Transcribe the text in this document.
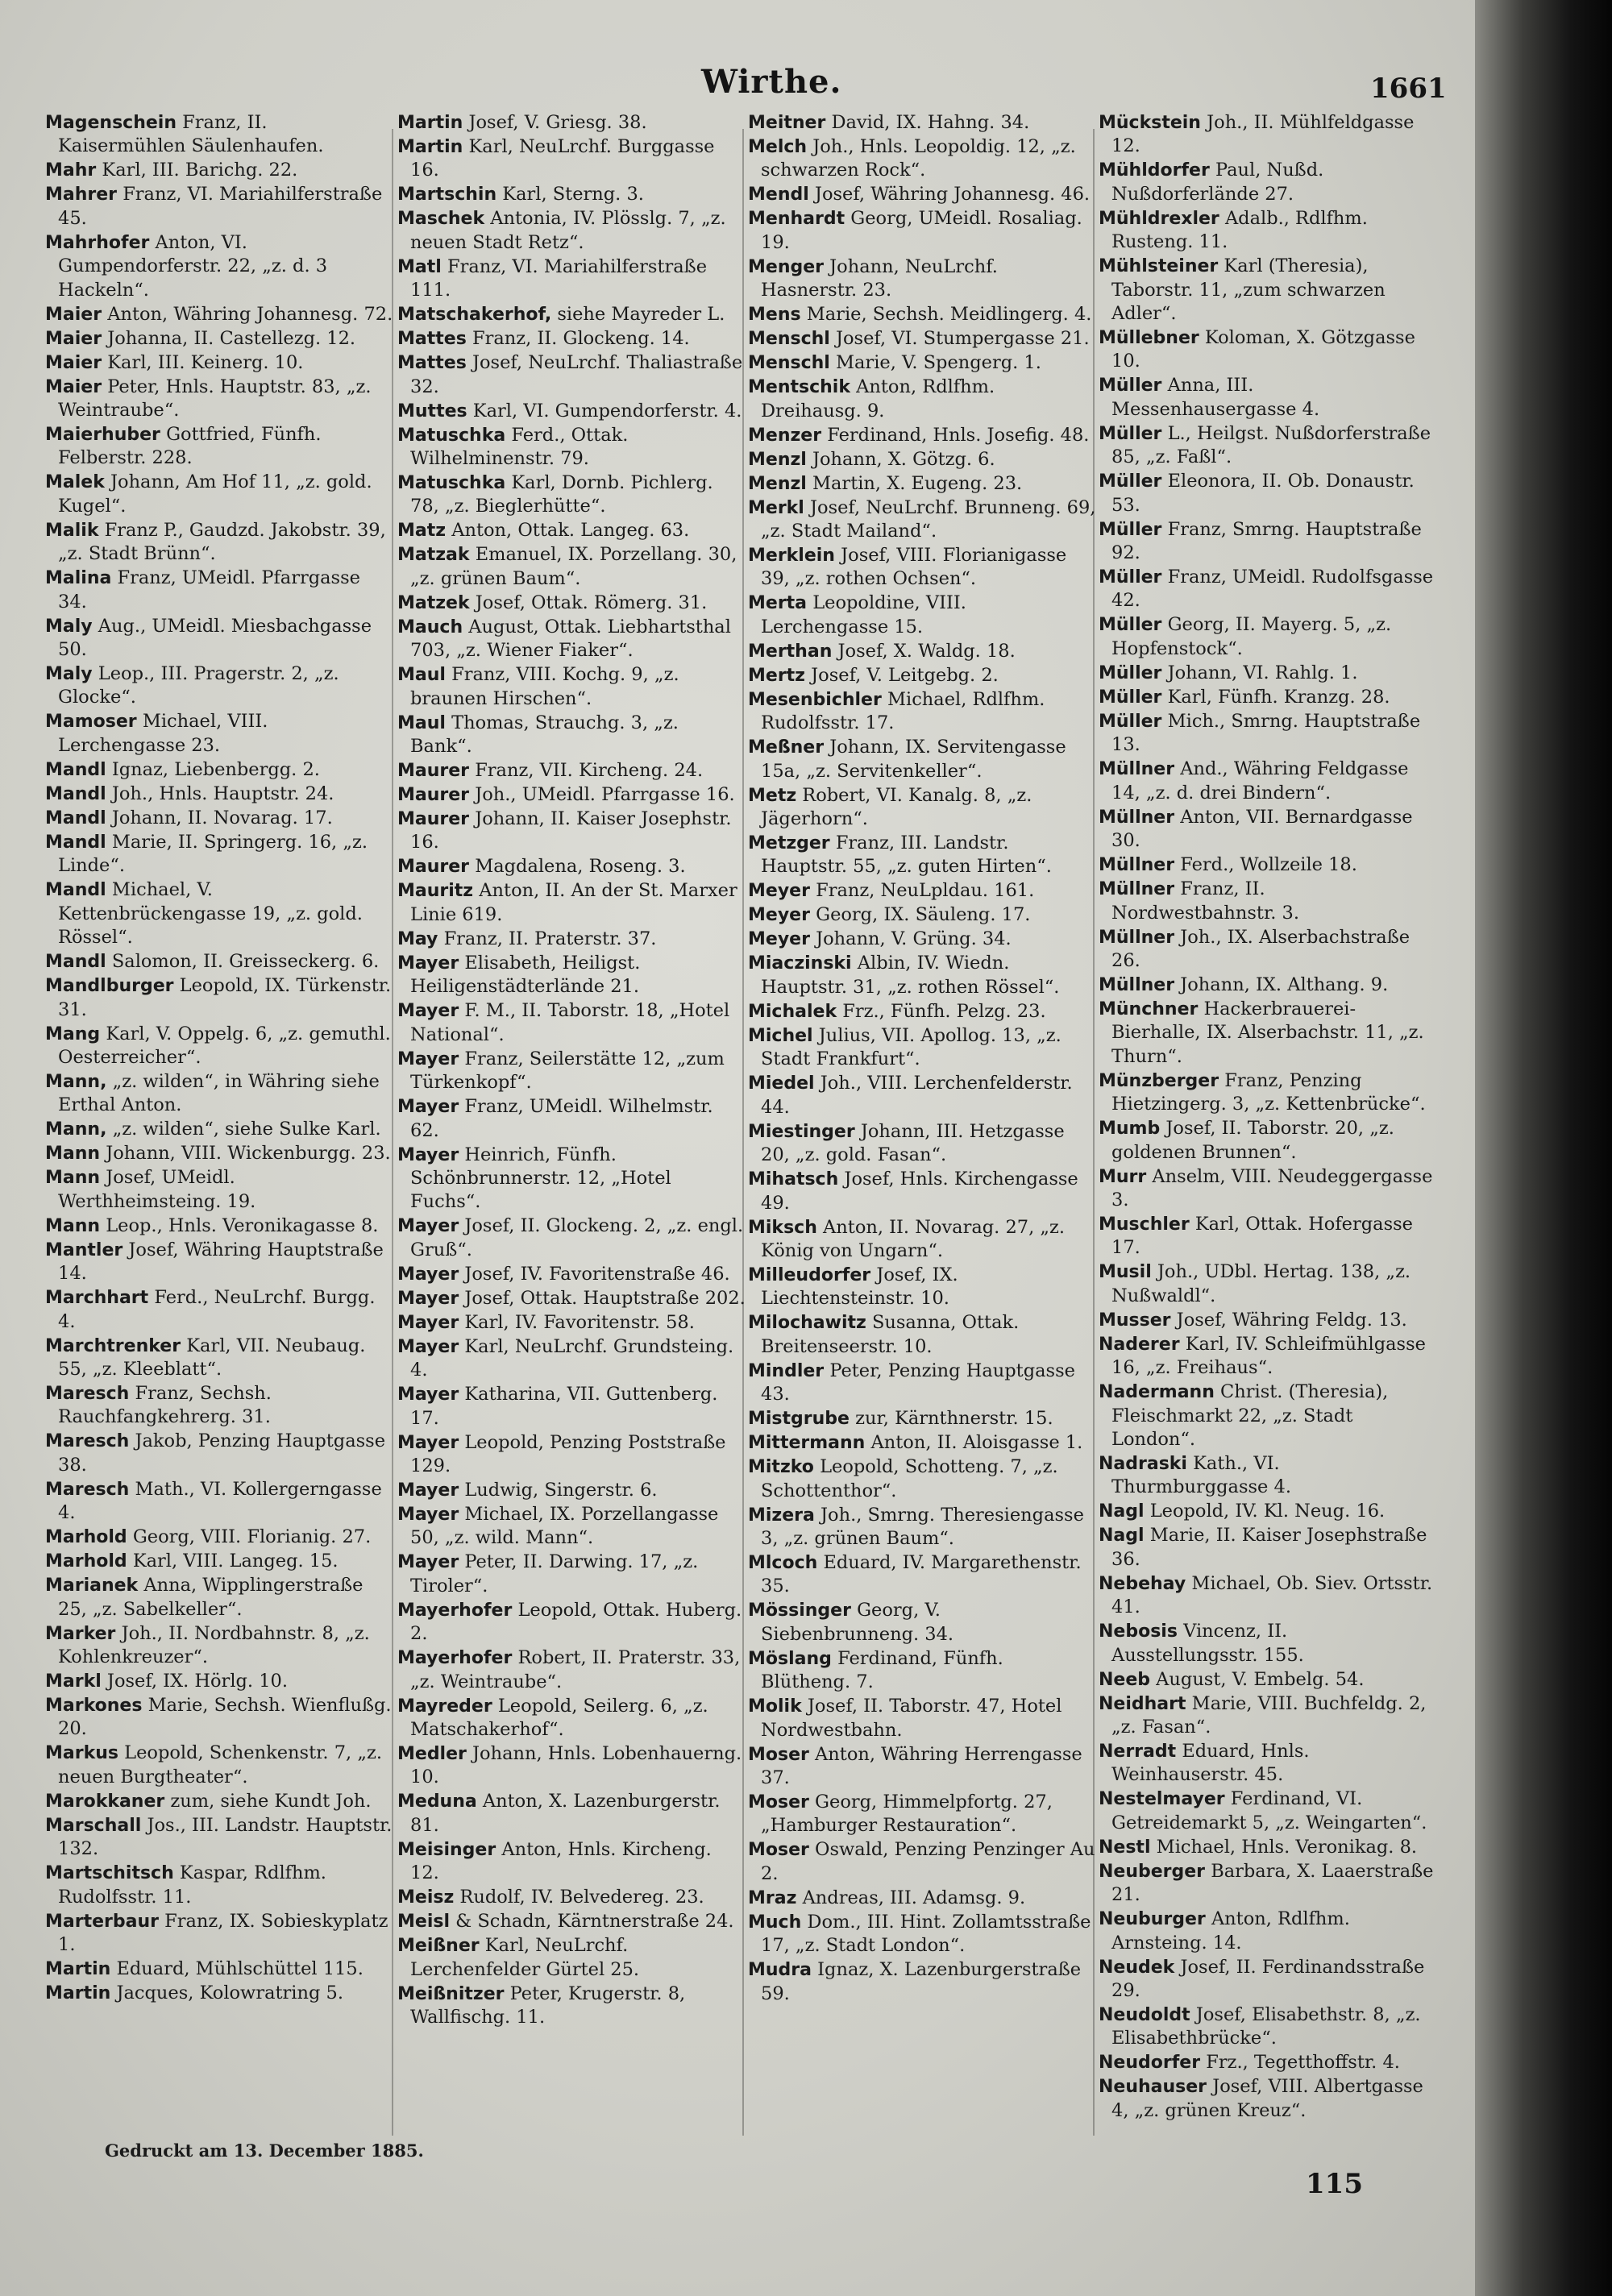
Wirthe.	1661
Magenschein Franz, II. Kaisermühlen Säulenhaufen.
Mahr Karl, III. Barichg. 22.
Mahrer Franz, VI. Mariahilferstraße 45.
Mahrhofer Anton, VI. Gumpendorferstr. 22, „z. d. 3 Hackeln“.
Maier Anton, Währing Johannesg. 72.
Maier Johanna, II. Castellezg. 12.
Maier Karl, III. Keinerg. 10.
Maier Peter, Hnls. Hauptstr. 83, „z. Weintraube“.
Maierhuber Gottfried, Fünfh. Felberstr. 228.
Malek Johann, Am Hof 11, „z. gold. Kugel“.
Malik Franz P., Gaudzd. Jakobstr. 39, „z. Stadt Brünn“.
Malina Franz, UMeidl. Pfarrgasse 34.
Maly Aug., UMeidl. Miesbachgasse 50.
Maly Leop., III. Pragerstr. 2, „z. Glocke“.
Mamoser Michael, VIII. Lerchengasse 23.
Mandl Ignaz, Liebenbergg. 2.
Mandl Joh., Hnls. Hauptstr. 24.
Mandl Johann, II. Novarag. 17.
Mandl Marie, II. Springerg. 16, „z. Linde“.
Mandl Michael, V. Kettenbrückengasse 19, „z. gold. Rössel“.
Mandl Salomon, II. Greisseckerg. 6.
Mandlburger Leopold, IX. Türkenstr. 31.
Mang Karl, V. Oppelg. 6, „z. gemuthl. Oesterreicher“.
Mann, „z. wilden“, in Währing siehe Erthal Anton.
Mann, „z. wilden“, siehe Sulke Karl.
Mann Johann, VIII. Wickenburgg. 23.
Mann Josef, UMeidl. Werthheimsteing. 19.
Mann Leop., Hnls. Veronikagasse 8.
Mantler Josef, Währing Hauptstraße 14.
Marchhart Ferd., NeuLrchf. Burgg. 4.
Marchtrenker Karl, VII. Neubaug. 55, „z. Kleeblatt“.
Maresch Franz, Sechsh. Rauchfangkehrerg. 31.
Maresch Jakob, Penzing Hauptgasse 38.
Maresch Math., VI. Kollergerngasse 4.
Marhold Georg, VIII. Florianig. 27.
Marhold Karl, VIII. Langeg. 15.
Marianek Anna, Wipplingerstraße 25, „z. Sabelkeller“.
Marker Joh., II. Nordbahnstr. 8, „z. Kohlenkreuzer“.
Markl Josef, IX. Hörlg. 10.
Markones Marie, Sechsh. Wienflußg. 20.
Markus Leopold, Schenkenstr. 7, „z. neuen Burgtheater“.
Marokkaner zum, siehe Kundt Joh.
Marschall Jos., III. Landstr. Hauptstr. 132.
Martschitsch Kaspar, Rdlfhm. Rudolfsstr. 11.
Marterbaur Franz, IX. Sobieskyplatz 1.
Martin Eduard, Mühlschüttel 115.
Martin Jacques, Kolowratring 5.
Martin Josef, V. Griesg. 38.
Martin Karl, NeuLrchf. Burggasse 16.
Martschin Karl, Sterng. 3.
Maschek Antonia, IV. Plösslg. 7, „z. neuen Stadt Retz“.
Matl Franz, VI. Mariahilferstraße 111.
Matschakerhof, siehe Mayreder L.
Mattes Franz, II. Glockeng. 14.
Mattes Josef, NeuLrchf. Thaliastraße 32.
Muttes Karl, VI. Gumpendorferstr. 4.
Matuschka Ferd., Ottak. Wilhelminenstr. 79.
Matuschka Karl, Dornb. Pichlerg. 78, „z. Bieglerhütte“.
Matz Anton, Ottak. Langeg. 63.
Matzak Emanuel, IX. Porzellang. 30, „z. grünen Baum“.
Matzek Josef, Ottak. Römerg. 31.
Mauch August, Ottak. Liebhartsthal 703, „z. Wiener Fiaker“.
Maul Franz, VIII. Kochg. 9, „z. braunen Hirschen“.
Maul Thomas, Strauchg. 3, „z. Bank“.
Maurer Franz, VII. Kircheng. 24.
Maurer Joh., UMeidl. Pfarrgasse 16.
Maurer Johann, II. Kaiser Josephstr. 16.
Maurer Magdalena, Roseng. 3.
Mauritz Anton, II. An der St. Marxer Linie 619.
May Franz, II. Praterstr. 37.
Mayer Elisabeth, Heiligst. Heiligenstädterlände 21.
Mayer F. M., II. Taborstr. 18, „Hotel National“.
Mayer Franz, Seilerstätte 12, „zum Türkenkopf“.
Mayer Franz, UMeidl. Wilhelmstr. 62.
Mayer Heinrich, Fünfh. Schönbrunnerstr. 12, „Hotel Fuchs“.
Mayer Josef, II. Glockeng. 2, „z. engl. Gruß“.
Mayer Josef, IV. Favoritenstraße 46.
Mayer Josef, Ottak. Hauptstraße 202.
Mayer Karl, IV. Favoritenstr. 58.
Mayer Karl, NeuLrchf. Grundsteing. 4.
Mayer Katharina, VII. Guttenberg. 17.
Mayer Leopold, Penzing Poststraße 129.
Mayer Ludwig, Singerstr. 6.
Mayer Michael, IX. Porzellangasse 50, „z. wild. Mann“.
Mayer Peter, II. Darwing. 17, „z. Tiroler“.
Mayerhofer Leopold, Ottak. Huberg. 2.
Mayerhofer Robert, II. Praterstr. 33, „z. Weintraube“.
Mayreder Leopold, Seilerg. 6, „z. Matschakerhof“.
Medler Johann, Hnls. Lobenhauerng. 10.
Meduna Anton, X. Lazenburgerstr. 81.
Meisinger Anton, Hnls. Kircheng. 12.
Meisz Rudolf, IV. Belvedereg. 23.
Meisl & Schadn, Kärntnerstraße 24.
Meißner Karl, NeuLrchf. Lerchenfelder Gürtel 25.
Meißnitzer Peter, Krugerstr. 8, Wallfischg. 11.
Meitner David, IX. Hahng. 34.
Melch Joh., Hnls. Leopoldig. 12, „z. schwarzen Rock“.
Mendl Josef, Währing Johannesg. 46.
Menhardt Georg, UMeidl. Rosaliag. 19.
Menger Johann, NeuLrchf. Hasnerstr. 23.
Mens Marie, Sechsh. Meidlingerg. 4.
Menschl Josef, VI. Stumpergasse 21.
Menschl Marie, V. Spengerg. 1.
Mentschik Anton, Rdlfhm. Dreihausg. 9.
Menzer Ferdinand, Hnls. Josefig. 48.
Menzl Johann, X. Götzg. 6.
Menzl Martin, X. Eugeng. 23.
Merkl Josef, NeuLrchf. Brunneng. 69, „z. Stadt Mailand“.
Merklein Josef, VIII. Florianigasse 39, „z. rothen Ochsen“.
Merta Leopoldine, VIII. Lerchengasse 15.
Merthan Josef, X. Waldg. 18.
Mertz Josef, V. Leitgebg. 2.
Mesenbichler Michael, Rdlfhm. Rudolfsstr. 17.
Meßner Johann, IX. Servitengasse 15a, „z. Servitenkeller“.
Metz Robert, VI. Kanalg. 8, „z. Jägerhorn“.
Metzger Franz, III. Landstr. Hauptstr. 55, „z. guten Hirten“.
Meyer Franz, NeuLpldau. 161.
Meyer Georg, IX. Säuleng. 17.
Meyer Johann, V. Grüng. 34.
Miaczinski Albin, IV. Wiedn. Hauptstr. 31, „z. rothen Rössel“.
Michalek Frz., Fünfh. Pelzg. 23.
Michel Julius, VII. Apollog. 13, „z. Stadt Frankfurt“.
Miedel Joh., VIII. Lerchenfelderstr. 44.
Miestinger Johann, III. Hetzgasse 20, „z. gold. Fasan“.
Mihatsch Josef, Hnls. Kirchengasse 49.
Miksch Anton, II. Novarag. 27, „z. König von Ungarn“.
Milleudorfer Josef, IX. Liechtensteinstr. 10.
Milochawitz Susanna, Ottak. Breitenseerstr. 10.
Mindler Peter, Penzing Hauptgasse 43.
Mistgrube zur, Kärnthnerstr. 15.
Mittermann Anton, II. Aloisgasse 1.
Mitzko Leopold, Schotteng. 7, „z. Schottenthor“.
Mizera Joh., Smrng. Theresiengasse 3, „z. grünen Baum“.
Mlcoch Eduard, IV. Margarethenstr. 35.
Mössinger Georg, V. Siebenbrunneng. 34.
Möslang Ferdinand, Fünfh. Blütheng. 7.
Molik Josef, II. Taborstr. 47, Hotel Nordwestbahn.
Moser Anton, Währing Herrengasse 37.
Moser Georg, Himmelpfortg. 27, „Hamburger Restauration“.
Moser Oswald, Penzing Penzinger Au 2.
Mraz Andreas, III. Adamsg. 9.
Much Dom., III. Hint. Zollamtsstraße 17, „z. Stadt London“.
Mudra Ignaz, X. Lazenburgerstraße 59.
Mückstein Joh., II. Mühlfeldgasse 12.
Mühldorfer Paul, Nußd. Nußdorferlände 27.
Mühldrexler Adalb., Rdlfhm. Rusteng. 11.
Mühlsteiner Karl (Theresia), Taborstr. 11, „zum schwarzen Adler“.
Müllebner Koloman, X. Götzgasse 10.
Müller Anna, III. Messenhausergasse 4.
Müller L., Heilgst. Nußdorferstraße 85, „z. Faßl“.
Müller Eleonora, II. Ob. Donaustr. 53.
Müller Franz, Smrng. Hauptstraße 92.
Müller Franz, UMeidl. Rudolfsgasse 42.
Müller Georg, II. Mayerg. 5, „z. Hopfenstock“.
Müller Johann, VI. Rahlg. 1.
Müller Karl, Fünfh. Kranzg. 28.
Müller Mich., Smrng. Hauptstraße 13.
Müllner And., Währing Feldgasse 14, „z. d. drei Bindern“.
Müllner Anton, VII. Bernardgasse 30.
Müllner Ferd., Wollzeile 18.
Müllner Franz, II. Nordwestbahnstr. 3.
Müllner Joh., IX. Alserbachstraße 26.
Müllner Johann, IX. Althang. 9.
Münchner Hackerbrauerei-Bierhalle, IX. Alserbachstr. 11, „z. Thurn“.
Münzberger Franz, Penzing Hietzingerg. 3, „z. Kettenbrücke“.
Mumb Josef, II. Taborstr. 20, „z. goldenen Brunnen“.
Murr Anselm, VIII. Neudeggergasse 3.
Muschler Karl, Ottak. Hofergasse 17.
Musil Joh., UDbl. Hertag. 138, „z. Nußwaldl“.
Musser Josef, Währing Feldg. 13.
Naderer Karl, IV. Schleifmühlgasse 16, „z. Freihaus“.
Nadermann Christ. (Theresia), Fleischmarkt 22, „z. Stadt London“.
Nadraski Kath., VI. Thurmburggasse 4.
Nagl Leopold, IV. Kl. Neug. 16.
Nagl Marie, II. Kaiser Josephstraße 36.
Nebehay Michael, Ob. Siev. Ortsstr. 41.
Nebosis Vincenz, II. Ausstellungsstr. 155.
Neeb August, V. Embelg. 54.
Neidhart Marie, VIII. Buchfeldg. 2, „z. Fasan“.
Nerradt Eduard, Hnls. Weinhauserstr. 45.
Nestelmayer Ferdinand, VI. Getreidemarkt 5, „z. Weingarten“.
Nestl Michael, Hnls. Veronikag. 8.
Neuberger Barbara, X. Laaerstraße 21.
Neuburger Anton, Rdlfhm. Arnsteing. 14.
Neudek Josef, II. Ferdinandsstraße 29.
Neudoldt Josef, Elisabethstr. 8, „z. Elisabethbrücke“.
Neudorfer Frz., Tegetthoffstr. 4.
Neuhauser Josef, VIII. Albertgasse 4, „z. grünen Kreuz“.
Gedruckt am 13. December 1885.
115
